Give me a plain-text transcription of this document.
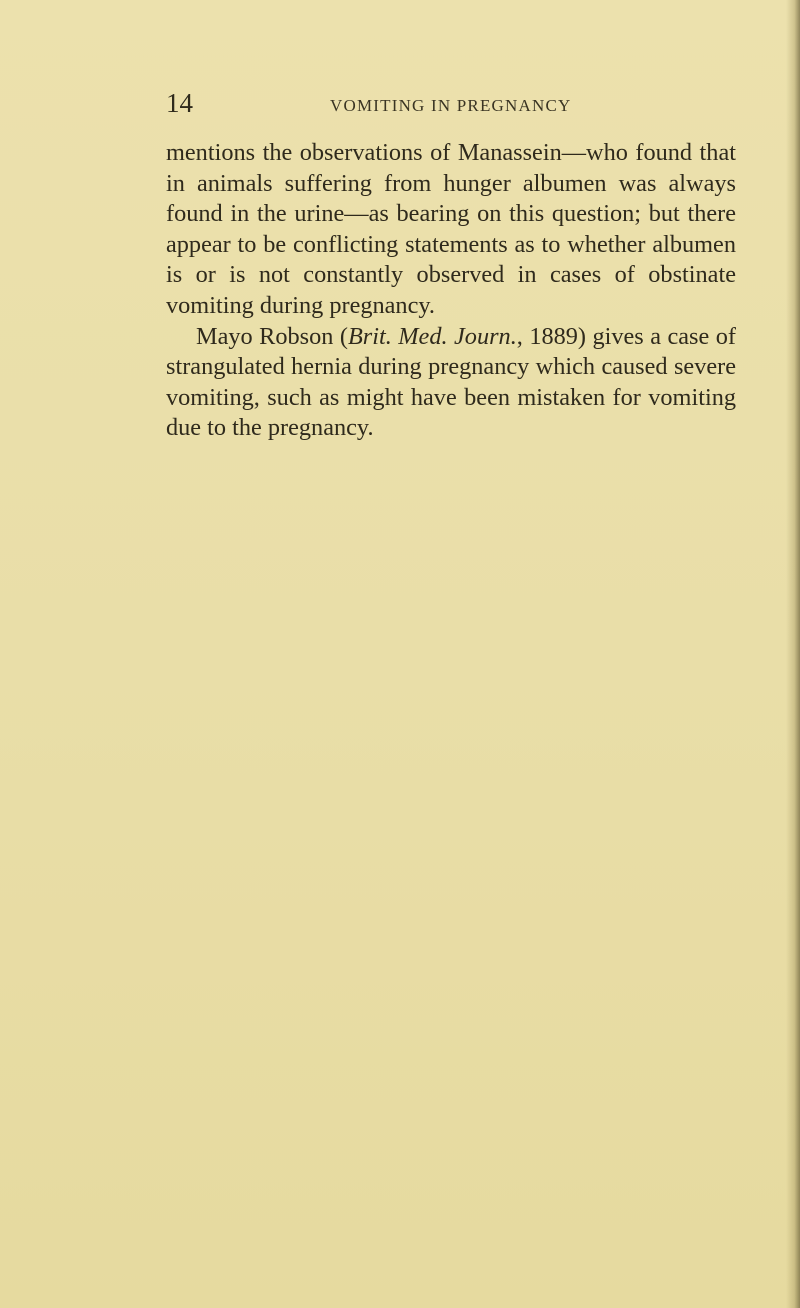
14	VOMITING IN PREGNANCY

mentions the observations of Manassein—who found that in animals suffering from hunger albumen was always found in the urine—as bearing on this question; but there appear to be conflicting statements as to whether albumen is or is not constantly observed in cases of obstinate vomiting during pregnancy.

Mayo Robson (Brit. Med. Journ., 1889) gives a case of strangulated hernia during pregnancy which caused severe vomiting, such as might have been mistaken for vomiting due to the pregnancy.
